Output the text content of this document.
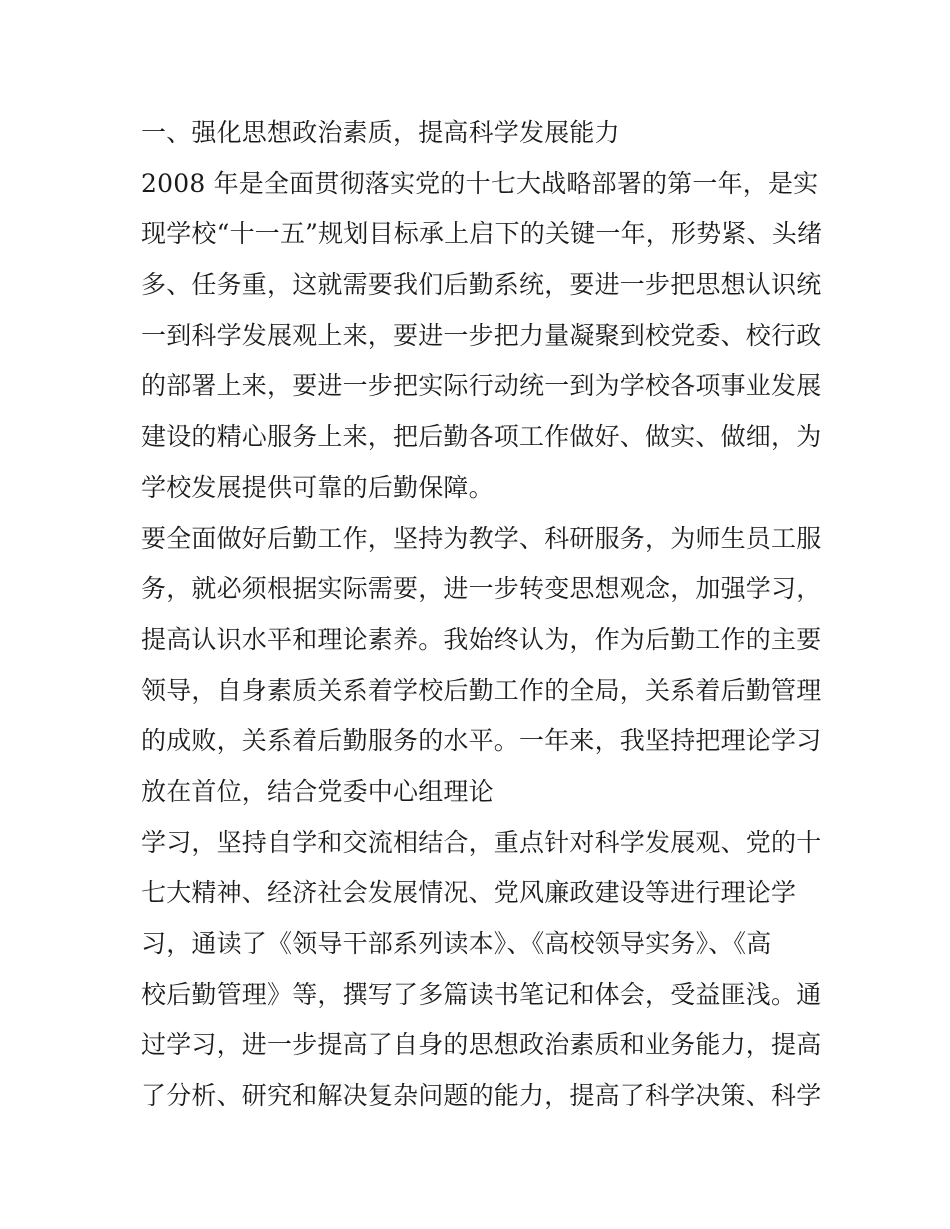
一、强化思想政治素质，提高科学发展能力
2008 年是全面贯彻落实党的十七大战略部署的第一年，是实
现学校“十一五”规划目标承上启下的关键一年，形势紧、头绪
多、任务重，这就需要我们后勤系统，要进一步把思想认识统
一到科学发展观上来，要进一步把力量凝聚到校党委、校行政
的部署上来，要进一步把实际行动统一到为学校各项事业发展
建设的精心服务上来，把后勤各项工作做好、做实、做细，为
学校发展提供可靠的后勤保障。
要全面做好后勤工作，坚持为教学、科研服务，为师生员工服
务，就必须根据实际需要，进一步转变思想观念，加强学习，
提高认识水平和理论素养。我始终认为，作为后勤工作的主要
领导，自身素质关系着学校后勤工作的全局，关系着后勤管理
的成败，关系着后勤服务的水平。一年来，我坚持把理论学习
放在首位，结合党委中心组理论
学习，坚持自学和交流相结合，重点针对科学发展观、党的十
七大精神、经济社会发展情况、党风廉政建设等进行理论学
习，通读了《领导干部系列读本》、《高校领导实务》、《高
校后勤管理》等，撰写了多篇读书笔记和体会，受益匪浅。通
过学习，进一步提高了自身的思想政治素质和业务能力，提高
了分析、研究和解决复杂问题的能力，提高了科学决策、科学
